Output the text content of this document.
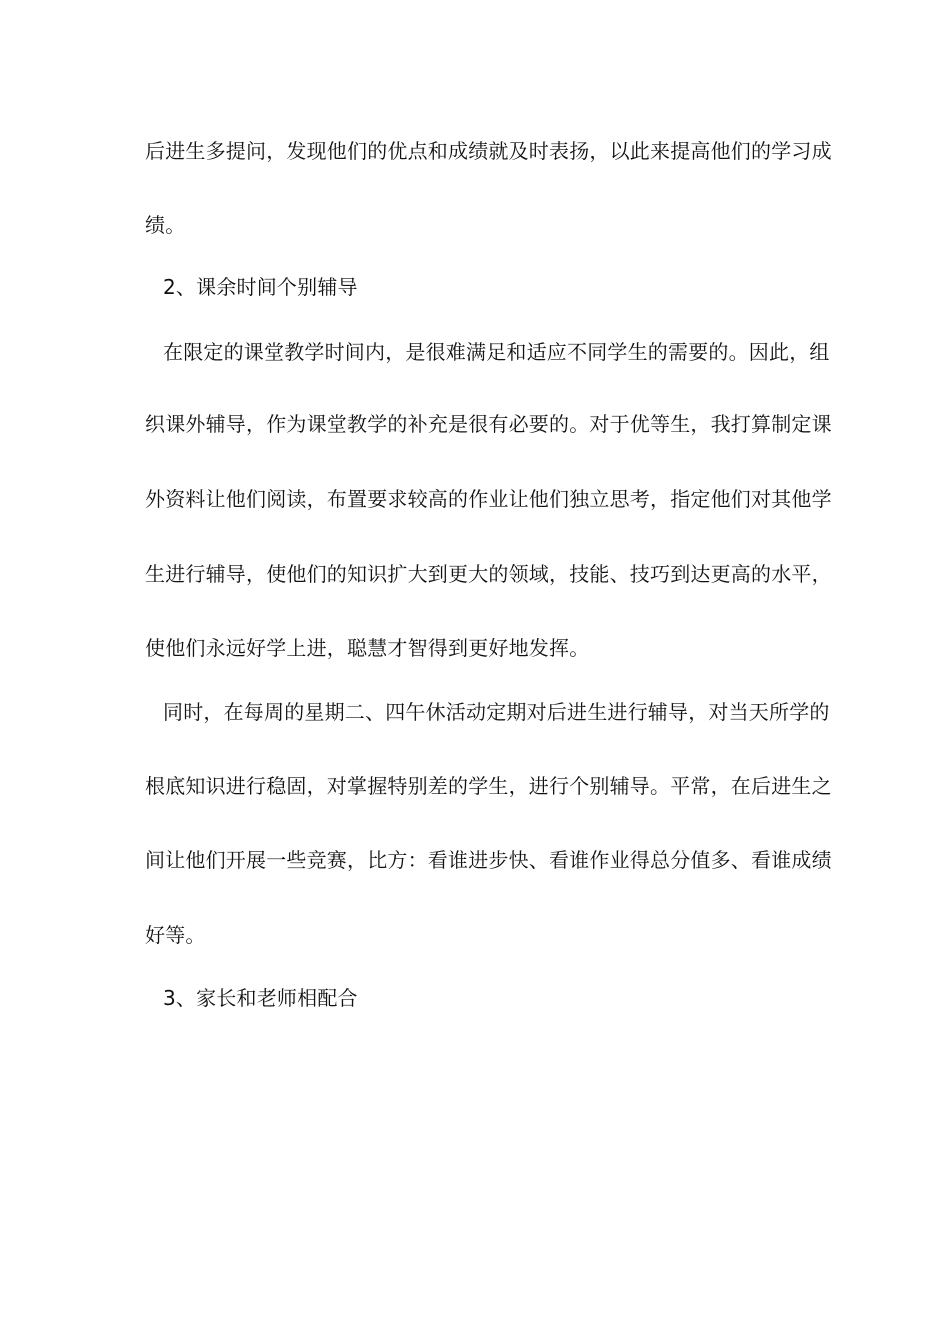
后进生多提问，发现他们的优点和成绩就及时表扬，以此来提高他们的学习成
绩。
2、课余时间个别辅导
在限定的课堂教学时间内，是很难满足和适应不同学生的需要的。因此，组
织课外辅导，作为课堂教学的补充是很有必要的。对于优等生，我打算制定课
外资料让他们阅读，布置要求较高的作业让他们独立思考，指定他们对其他学
生进行辅导，使他们的知识扩大到更大的领域，技能、技巧到达更高的水平，
使他们永远好学上进，聪慧才智得到更好地发挥。
同时，在每周的星期二、四午休活动定期对后进生进行辅导，对当天所学的
根底知识进行稳固，对掌握特别差的学生，进行个别辅导。平常，在后进生之
间让他们开展一些竞赛，比方：看谁进步快、看谁作业得总分值多、看谁成绩
好等。
3、家长和老师相配合
